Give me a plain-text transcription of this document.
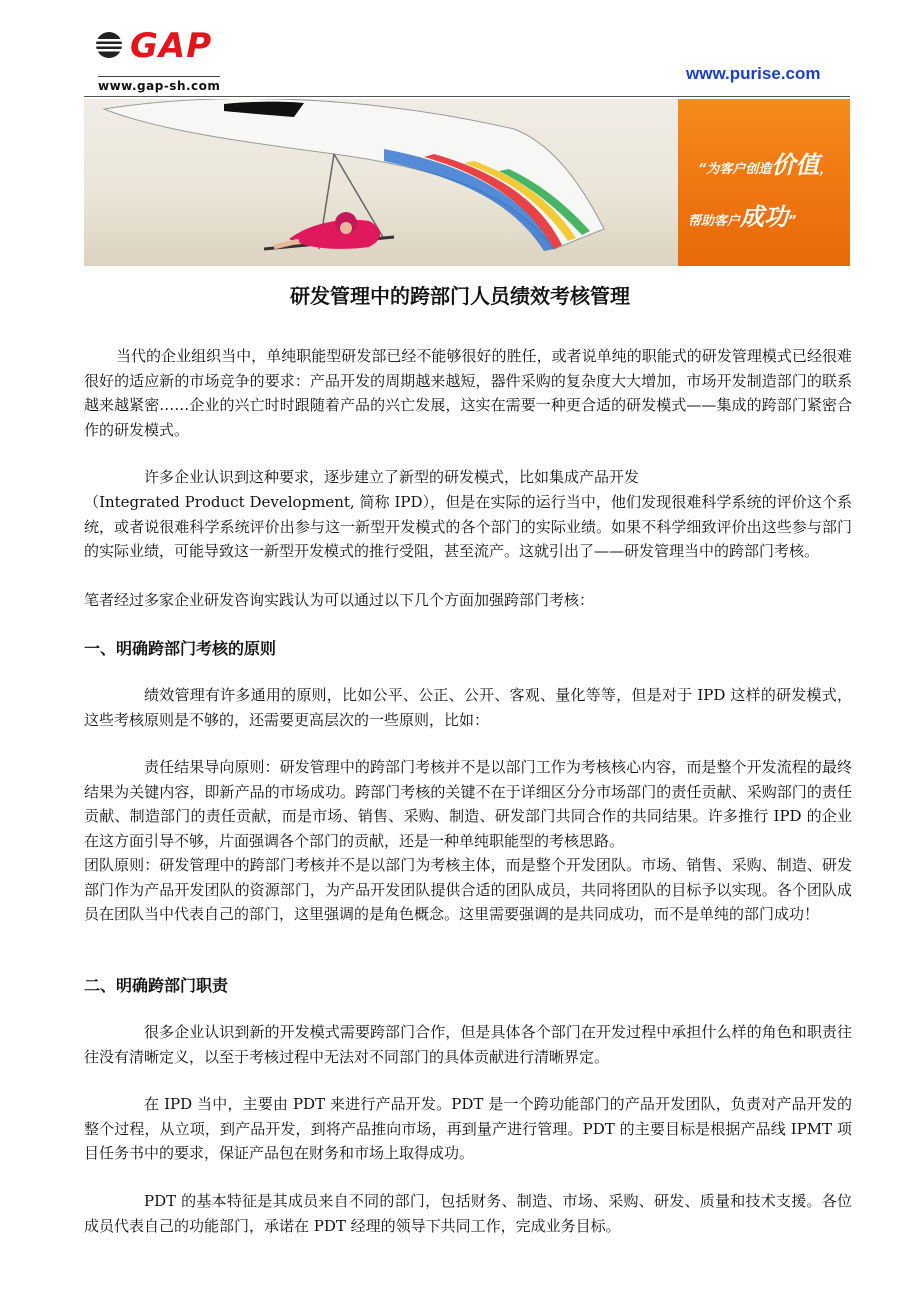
GAP
www.gap-sh.com
www.purise.com
“为客户创造价值，
帮助客户成功”
研发管理中的跨部门人员绩效考核管理

当代的企业组织当中，单纯职能型研发部已经不能够很好的胜任，或者说单纯的职能式的研发管理模式已经很难很好的适应新的市场竞争的要求：产品开发的周期越来越短，器件采购的复杂度大大增加，市场开发制造部门的联系越来越紧密……企业的兴亡时时跟随着产品的兴亡发展，这实在需要一种更合适的研发模式——集成的跨部门紧密合作的研发模式。

许多企业认识到这种要求，逐步建立了新型的研发模式，比如集成产品开发

（Integrated Product Development, 简称 IPD），但是在实际的运行当中，他们发现很难科学系统的评价这个系统，或者说很难科学系统评价出参与这一新型开发模式的各个部门的实际业绩。如果不科学细致评价出这些参与部门的实际业绩，可能导致这一新型开发模式的推行受阻，甚至流产。这就引出了——研发管理当中的跨部门考核。

笔者经过多家企业研发咨询实践认为可以通过以下几个方面加强跨部门考核：

一、明确跨部门考核的原则

绩效管理有许多通用的原则，比如公平、公正、公开、客观、量化等等，但是对于 IPD 这样的研发模式，这些考核原则是不够的，还需要更高层次的一些原则，比如：

责任结果导向原则：研发管理中的跨部门考核并不是以部门工作为考核核心内容，而是整个开发流程的最终结果为关键内容，即新产品的市场成功。跨部门考核的关键不在于详细区分分市场部门的责任贡献、采购部门的责任贡献、制造部门的责任贡献，而是市场、销售、采购、制造、研发部门共同合作的共同结果。许多推行 IPD 的企业在这方面引导不够，片面强调各个部门的贡献，还是一种单纯职能型的考核思路。

团队原则：研发管理中的跨部门考核并不是以部门为考核主体，而是整个开发团队。市场、销售、采购、制造、研发部门作为产品开发团队的资源部门，为产品开发团队提供合适的团队成员，共同将团队的目标予以实现。各个团队成员在团队当中代表自己的部门，这里强调的是角色概念。这里需要强调的是共同成功，而不是单纯的部门成功！

二、明确跨部门职责

很多企业认识到新的开发模式需要跨部门合作，但是具体各个部门在开发过程中承担什么样的角色和职责往往没有清晰定义，以至于考核过程中无法对不同部门的具体贡献进行清晰界定。

在 IPD 当中，主要由 PDT 来进行产品开发。PDT 是一个跨功能部门的产品开发团队，负责对产品开发的整个过程，从立项，到产品开发，到将产品推向市场，再到量产进行管理。PDT 的主要目标是根据产品线 IPMT 项目任务书中的要求，保证产品包在财务和市场上取得成功。

PDT 的基本特征是其成员来自不同的部门，包括财务、制造、市场、采购、研发、质量和技术支援。各位成员代表自己的功能部门，承诺在 PDT 经理的领导下共同工作，完成业务目标。
